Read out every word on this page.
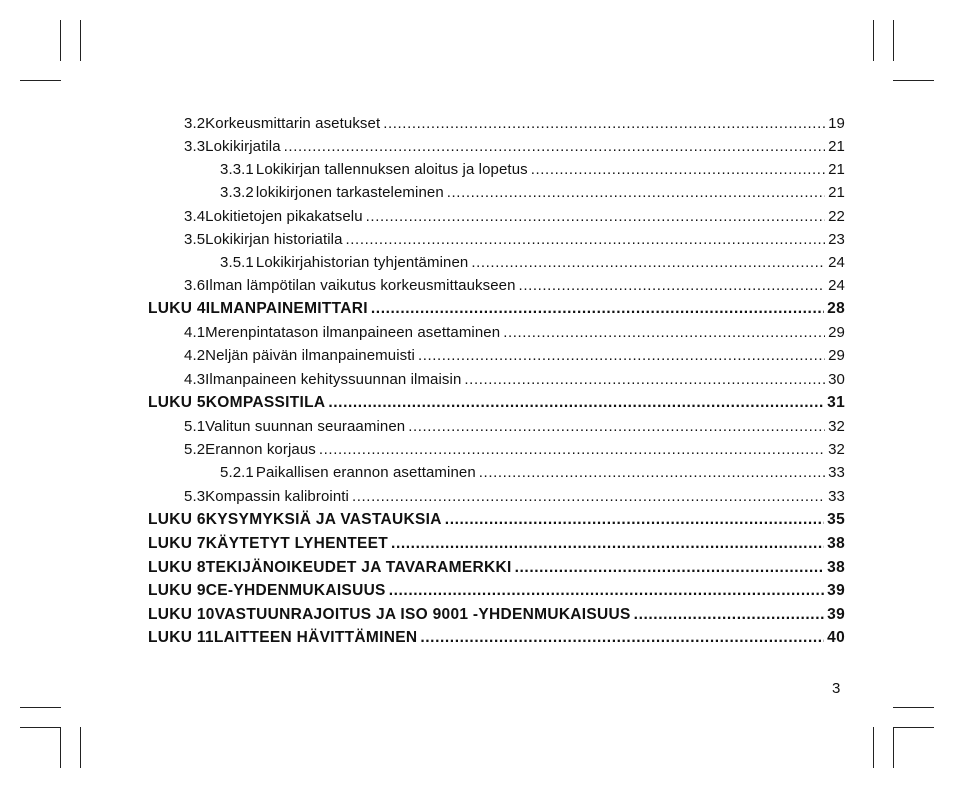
3.2 Korkeusmittarin asetukset .....	19
3.3 Lokikirjatila .....	21
3.3.1 Lokikirjan tallennuksen aloitus ja lopetus .....	21
3.3.2 lokikirjonen tarkasteleminen .....	21
3.4 Lokitietojen pikakatselu .....	22
3.5 Lokikirjan historiatila .....	23
3.5.1 Lokikirjahistorian tyhjentäminen .....	24
3.6 Ilman lämpötilan vaikutus korkeusmittaukseen .....	24
LUKU 4 ILMANPAINEMITTARI .....	28
4.1 Merenpintatason ilmanpaineen asettaminen .....	29
4.2 Neljän päivän ilmanpainemuisti .....	29
4.3 Ilmanpaineen kehityssuunnan ilmaisin .....	30
LUKU 5 KOMPASSITILA .....	31
5.1 Valitun suunnan seuraaminen .....	32
5.2 Erannon korjaus .....	32
5.2.1 Paikallisen erannon asettaminen .....	33
5.3 Kompassin kalibrointi .....	33
LUKU 6 KYSYMYKSIÄ JA VASTAUKSIA .....	35
LUKU 7 KÄYTETYT LYHENTEET .....	38
LUKU 8 TEKIJÄNOIKEUDET JA TAVARAMERKKI .....	38
LUKU 9 CE-YHDENMUKAISUUS .....	39
LUKU 10 VASTUUNRAJOITUS JA ISO 9001 -YHDENMUKAISUUS .....	39
LUKU 11 LAITTEEN HÄVITTÄMINEN .....	40
3
